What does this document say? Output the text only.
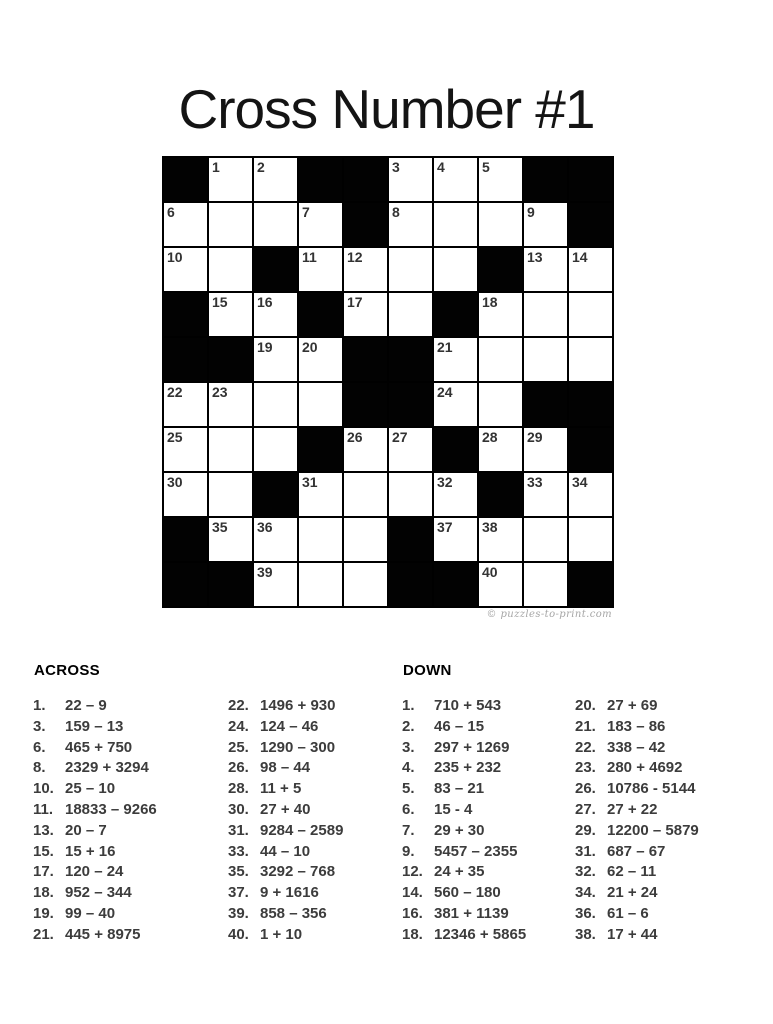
Cross Number #1
1	2	3	4	5
6	7	8	9
10	11 12	13 14
15 16	17	18
19 20	21
22 23	24
25	26 27	28 29
30	31	32	33 34
35 36	37 38
39	40
© puzzles-to-print.com
ACROSS	DOWN
1.	22 – 9
3.	159 – 13
6.	465 + 750
8.	2329 + 3294
10. 25 – 10
11. 18833 – 9266
13. 20 – 7
15. 15 + 16
17. 120 – 24
18. 952 – 344
19. 99 – 40
21. 445 + 8975
22. 1496 + 930
24. 124 – 46
25. 1290 – 300
26. 98 – 44
28. 11 + 5
30. 27 + 40
31. 9284 – 2589
33. 44 – 10
35. 3292 – 768
37. 9 + 1616
39. 858 – 356
40. 1 + 10
1.	710 + 543
2.	46 – 15
3.	297 + 1269
4.	235 + 232
5.	83 – 21
6.	15 - 4
7.	29 + 30
9.	5457 – 2355
12. 24 + 35
14. 560 – 180
16. 381 + 1139
18. 12346 + 5865
20. 27 + 69
21. 183 – 86
22. 338 – 42
23. 280 + 4692
26. 10786 - 5144
27. 27 + 22
29. 12200 – 5879
31. 687 – 67
32. 62 – 11
34. 21 + 24
36. 61 – 6
38. 17 + 44
